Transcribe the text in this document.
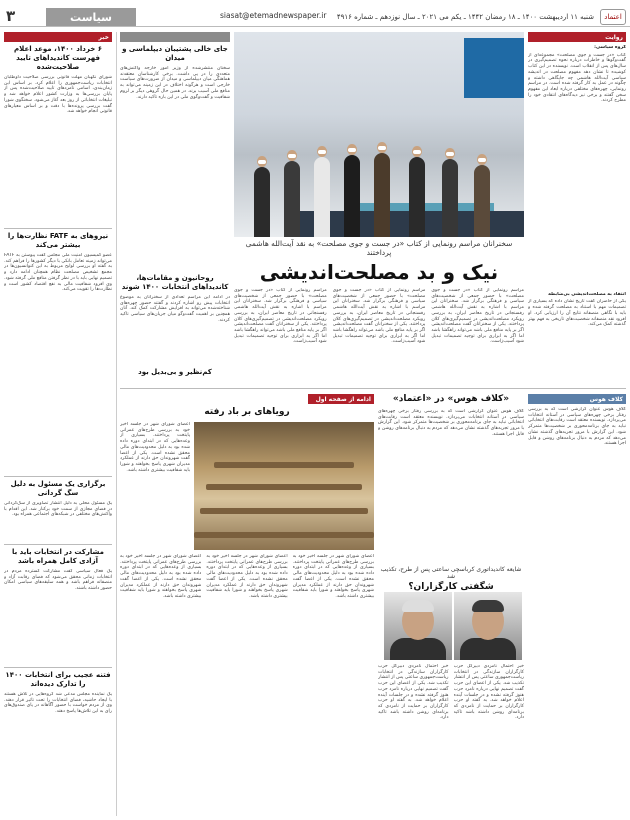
اعتماد
شنبه ۱۱ اردیبهشت ۱۴۰۰ ـ ۱۸ رمضان ۱۴۴۲ ـ یکم می ۲۰۲۱ ـ سال نوزدهم ـ شماره ۴۹۱۶
siasat@etemadnewspaper.ir
سیاست
۳
خبر

۶ خرداد ۱۴۰۰، موعد اعلام فهرست کاندیداهای تایید صلاحیت‌شده

شورای نگهبان مهلت قانونی بررسی صلاحیت داوطلبان انتخابات ریاست‌جمهوری را اعلام کرد. بر اساس این زمان‌بندی، اسامی نامزدهای تایید صلاحیت‌شده پس از پایان بررسی‌ها به وزارت کشور اعلام خواهد شد و تبلیغات انتخاباتی از روز بعد آغاز می‌شود. سخنگوی شورا گفت بررسی پرونده‌ها با دقت و بر اساس معیارهای قانونی انجام خواهد شد.

نیروهای به FATF نظارت‌ها را بیشتر می‌کند

عضو کمیسیون امنیت ملی مجلس گفت پیوستن به FATF می‌تواند زمینه تعامل بانکی با دیگر کشورها را فراهم کند. به گفته او بررسی لوایح مربوط به این کنوانسیون‌ها در مجمع تشخیص مصلحت نظام همچنان ادامه دارد و تصمیم نهایی باید با در نظر گرفتن منافع ملی گرفته شود. وی افزود شفافیت مالی به نفع اقتصاد کشور است و نظارت‌ها را تقویت می‌کند.

برگزاری یک مسئول به دلیل سگ گردانی

یک مسئول محلی به دلیل انتشار تصاویری از سگ‌گردانی در فضای مجازی از سمت خود برکنار شد. این اقدام با واکنش‌های مختلفی در شبکه‌های اجتماعی همراه بود.

مشارکت در انتخابات باید با آزادی کامل همراه باشد

یک فعال سیاسی گفت مشارکت گسترده مردم در انتخابات زمانی محقق می‌شود که فضای رقابت آزاد و منصفانه فراهم باشد و همه سلیقه‌های سیاسی امکان حضور داشته باشند.

فتنه عجیب برای انتخابات ۱۴۰۰ را تدارک دیده‌اند

یک نماینده مجلس مدعی شد گروه‌هایی در تلاش هستند با ایجاد حاشیه، فضای انتخابات را تحت تاثیر قرار دهند. وی از مردم خواست با حضور آگاهانه در پای صندوق‌های رای به این تلاش‌ها پاسخ دهند.

جای خالی پشتیبان دیپلماسی و میدان

سخنان منتشرشده از وزیر امور خارجه واکنش‌های متعددی را در پی داشت. برخی کارشناسان معتقدند هماهنگی میان دیپلماسی و میدان از ضرورت‌های سیاست خارجی است و هرگونه اختلاف در این زمینه می‌تواند به منافع ملی آسیب بزند. در همین حال گروهی دیگر بر لزوم شفافیت و گفت‌وگوی ملی در این باره تاکید دارند.

روایت

گروه سیاسی:

کتاب «در جست و جوی مصلحت» مجموعه‌ای از گفت‌وگوها و خاطرات درباره نحوه تصمیم‌گیری در سال‌های پس از انقلاب است. نویسنده در این کتاب کوشیده تا نشان دهد مفهوم مصلحت در اندیشه سیاسی آیت‌الله هاشمی چه جایگاهی داشته و چگونه در عمل به کار گرفته شده است. در مراسم رونمایی، چهره‌های مختلفی درباره ابعاد این مفهوم سخن گفتند و برخی نیز دیدگاه‌های انتقادی خود را مطرح کردند.

انتقاد به مصلحت‌اندیشی بی‌ضابطه

یکی از حاضران گفت تاریخ نشان داده که بسیاری از تصمیمات مهم با استناد به مصلحت گرفته شده و باید با نگاهی منصفانه نتایج آن را ارزیابی کرد. او افزود نقد منصفانه شخصیت‌های تاریخی به فهم بهتر گذشته کمک می‌کند.

سخنرانان مراسم رونمایی از کتاب «در جست و جوی مصلحت» به نقد آیت‌الله هاشمی پرداختند

نیک و بد مصلحت‌اندیشی

روحانیون و مقامات‌ها، کاندیداهای انتخابات ۱۴۰۰ شوند

در ادامه این مراسم تعدادی از سخنرانان به موضوع انتخابات پیش رو اشاره کردند و گفتند حضور چهره‌های شناخته‌شده می‌تواند به افزایش مشارکت کمک کند. آنان همچنین بر اهمیت گفت‌وگو میان جریان‌های سیاسی تاکید کردند.

کم‌نظیر و بی‌بدیل بود

مراسم رونمایی از کتاب «در جست و جوی مصلحت» با حضور جمعی از شخصیت‌های سیاسی و فرهنگی برگزار شد. سخنرانان این مراسم با اشاره به نقش آیت‌الله هاشمی رفسنجانی در تاریخ معاصر ایران، به بررسی رویکرد مصلحت‌اندیشی در تصمیم‌گیری‌های کلان پرداختند. یکی از سخنرانان گفت مصلحت‌اندیشی اگر بر پایه منافع ملی باشد می‌تواند راهگشا باشد اما اگر به ابزاری برای توجیه تصمیمات تبدیل شود آسیب‌زاست.

مراسم رونمایی از کتاب «در جست و جوی مصلحت» با حضور جمعی از شخصیت‌های سیاسی و فرهنگی برگزار شد. سخنرانان این مراسم با اشاره به نقش آیت‌الله هاشمی رفسنجانی در تاریخ معاصر ایران، به بررسی رویکرد مصلحت‌اندیشی در تصمیم‌گیری‌های کلان پرداختند. یکی از سخنرانان گفت مصلحت‌اندیشی اگر بر پایه منافع ملی باشد می‌تواند راهگشا باشد اما اگر به ابزاری برای توجیه تصمیمات تبدیل شود آسیب‌زاست.

مراسم رونمایی از کتاب «در جست و جوی مصلحت» با حضور جمعی از شخصیت‌های سیاسی و فرهنگی برگزار شد. سخنرانان این مراسم با اشاره به نقش آیت‌الله هاشمی رفسنجانی در تاریخ معاصر ایران، به بررسی رویکرد مصلحت‌اندیشی در تصمیم‌گیری‌های کلان پرداختند. یکی از سخنرانان گفت مصلحت‌اندیشی اگر بر پایه منافع ملی باشد می‌تواند راهگشا باشد اما اگر به ابزاری برای توجیه تصمیمات تبدیل شود آسیب‌زاست.

کلاف هوس

کلاف هوس عنوان گزارشی است که به بررسی رفتار برخی چهره‌های سیاسی در آستانه انتخابات می‌پردازد. نویسنده معتقد است رقابت‌های انتخاباتی نباید به جای برنامه‌محوری بر شخصیت‌ها متمرکز شود. این گزارش با مرور تجربه‌های گذشته نشان می‌دهد که مردم به دنبال برنامه‌های روشن و قابل اجرا هستند.

«کلاف هوس» در «اعتماد»

کلاف هوس عنوان گزارشی است که به بررسی رفتار برخی چهره‌های سیاسی در آستانه انتخابات می‌پردازد. نویسنده معتقد است رقابت‌های انتخاباتی نباید به جای برنامه‌محوری بر شخصیت‌ها متمرکز شود. این گزارش با مرور تجربه‌های گذشته نشان می‌دهد که مردم به دنبال برنامه‌های روشن و قابل اجرا هستند.

ادامه از صفحه اول

رویاهای بر باد رفته

اعضای شورای شهر در جلسه اخیر خود به بررسی طرح‌های عمرانی پایتخت پرداختند. بسیاری از وعده‌هایی که در ابتدای دوره داده شده بود به دلیل محدودیت‌های مالی محقق نشده است. یکی از اعضا گفت شهروندان حق دارند از عملکرد مدیران شهری پاسخ بخواهند و شورا باید شفافیت بیشتری داشته باشد.

اعضای شورای شهر در جلسه اخیر خود به بررسی طرح‌های عمرانی پایتخت پرداختند. بسیاری از وعده‌هایی که در ابتدای دوره داده شده بود به دلیل محدودیت‌های مالی محقق نشده است. یکی از اعضا گفت شهروندان حق دارند از عملکرد مدیران شهری پاسخ بخواهند و شورا باید شفافیت بیشتری داشته باشد.

اعضای شورای شهر در جلسه اخیر خود به بررسی طرح‌های عمرانی پایتخت پرداختند. بسیاری از وعده‌هایی که در ابتدای دوره داده شده بود به دلیل محدودیت‌های مالی محقق نشده است. یکی از اعضا گفت شهروندان حق دارند از عملکرد مدیران شهری پاسخ بخواهند و شورا باید شفافیت بیشتری داشته باشد.

اعضای شورای شهر در جلسه اخیر خود به بررسی طرح‌های عمرانی پایتخت پرداختند. بسیاری از وعده‌هایی که در ابتدای دوره داده شده بود به دلیل محدودیت‌های مالی محقق نشده است. یکی از اعضا گفت شهروندان حق دارند از عملکرد مدیران شهری پاسخ بخواهند و شورا باید شفافیت بیشتری داشته باشد.

شایعه کاندیداتوری کرباسچی ساعتی پس از طرح، تکذیب شد

شگفتی کارگزاران؟

خبر احتمال نامزدی دبیرکل حزب کارگزاران سازندگی در انتخابات ریاست‌جمهوری ساعتی پس از انتشار تکذیب شد. یکی از اعضای این حزب گفت تصمیم نهایی درباره نامزد حزب هنوز گرفته نشده و در جلسات آینده اعلام خواهد شد. به گفته او حزب کارگزاران بر حمایت از نامزدی که برنامه‌ای روشن داشته باشد تاکید دارد.

خبر احتمال نامزدی دبیرکل حزب کارگزاران سازندگی در انتخابات ریاست‌جمهوری ساعتی پس از انتشار تکذیب شد. یکی از اعضای این حزب گفت تصمیم نهایی درباره نامزد حزب هنوز گرفته نشده و در جلسات آینده اعلام خواهد شد. به گفته او حزب کارگزاران بر حمایت از نامزدی که برنامه‌ای روشن داشته باشد تاکید دارد.
